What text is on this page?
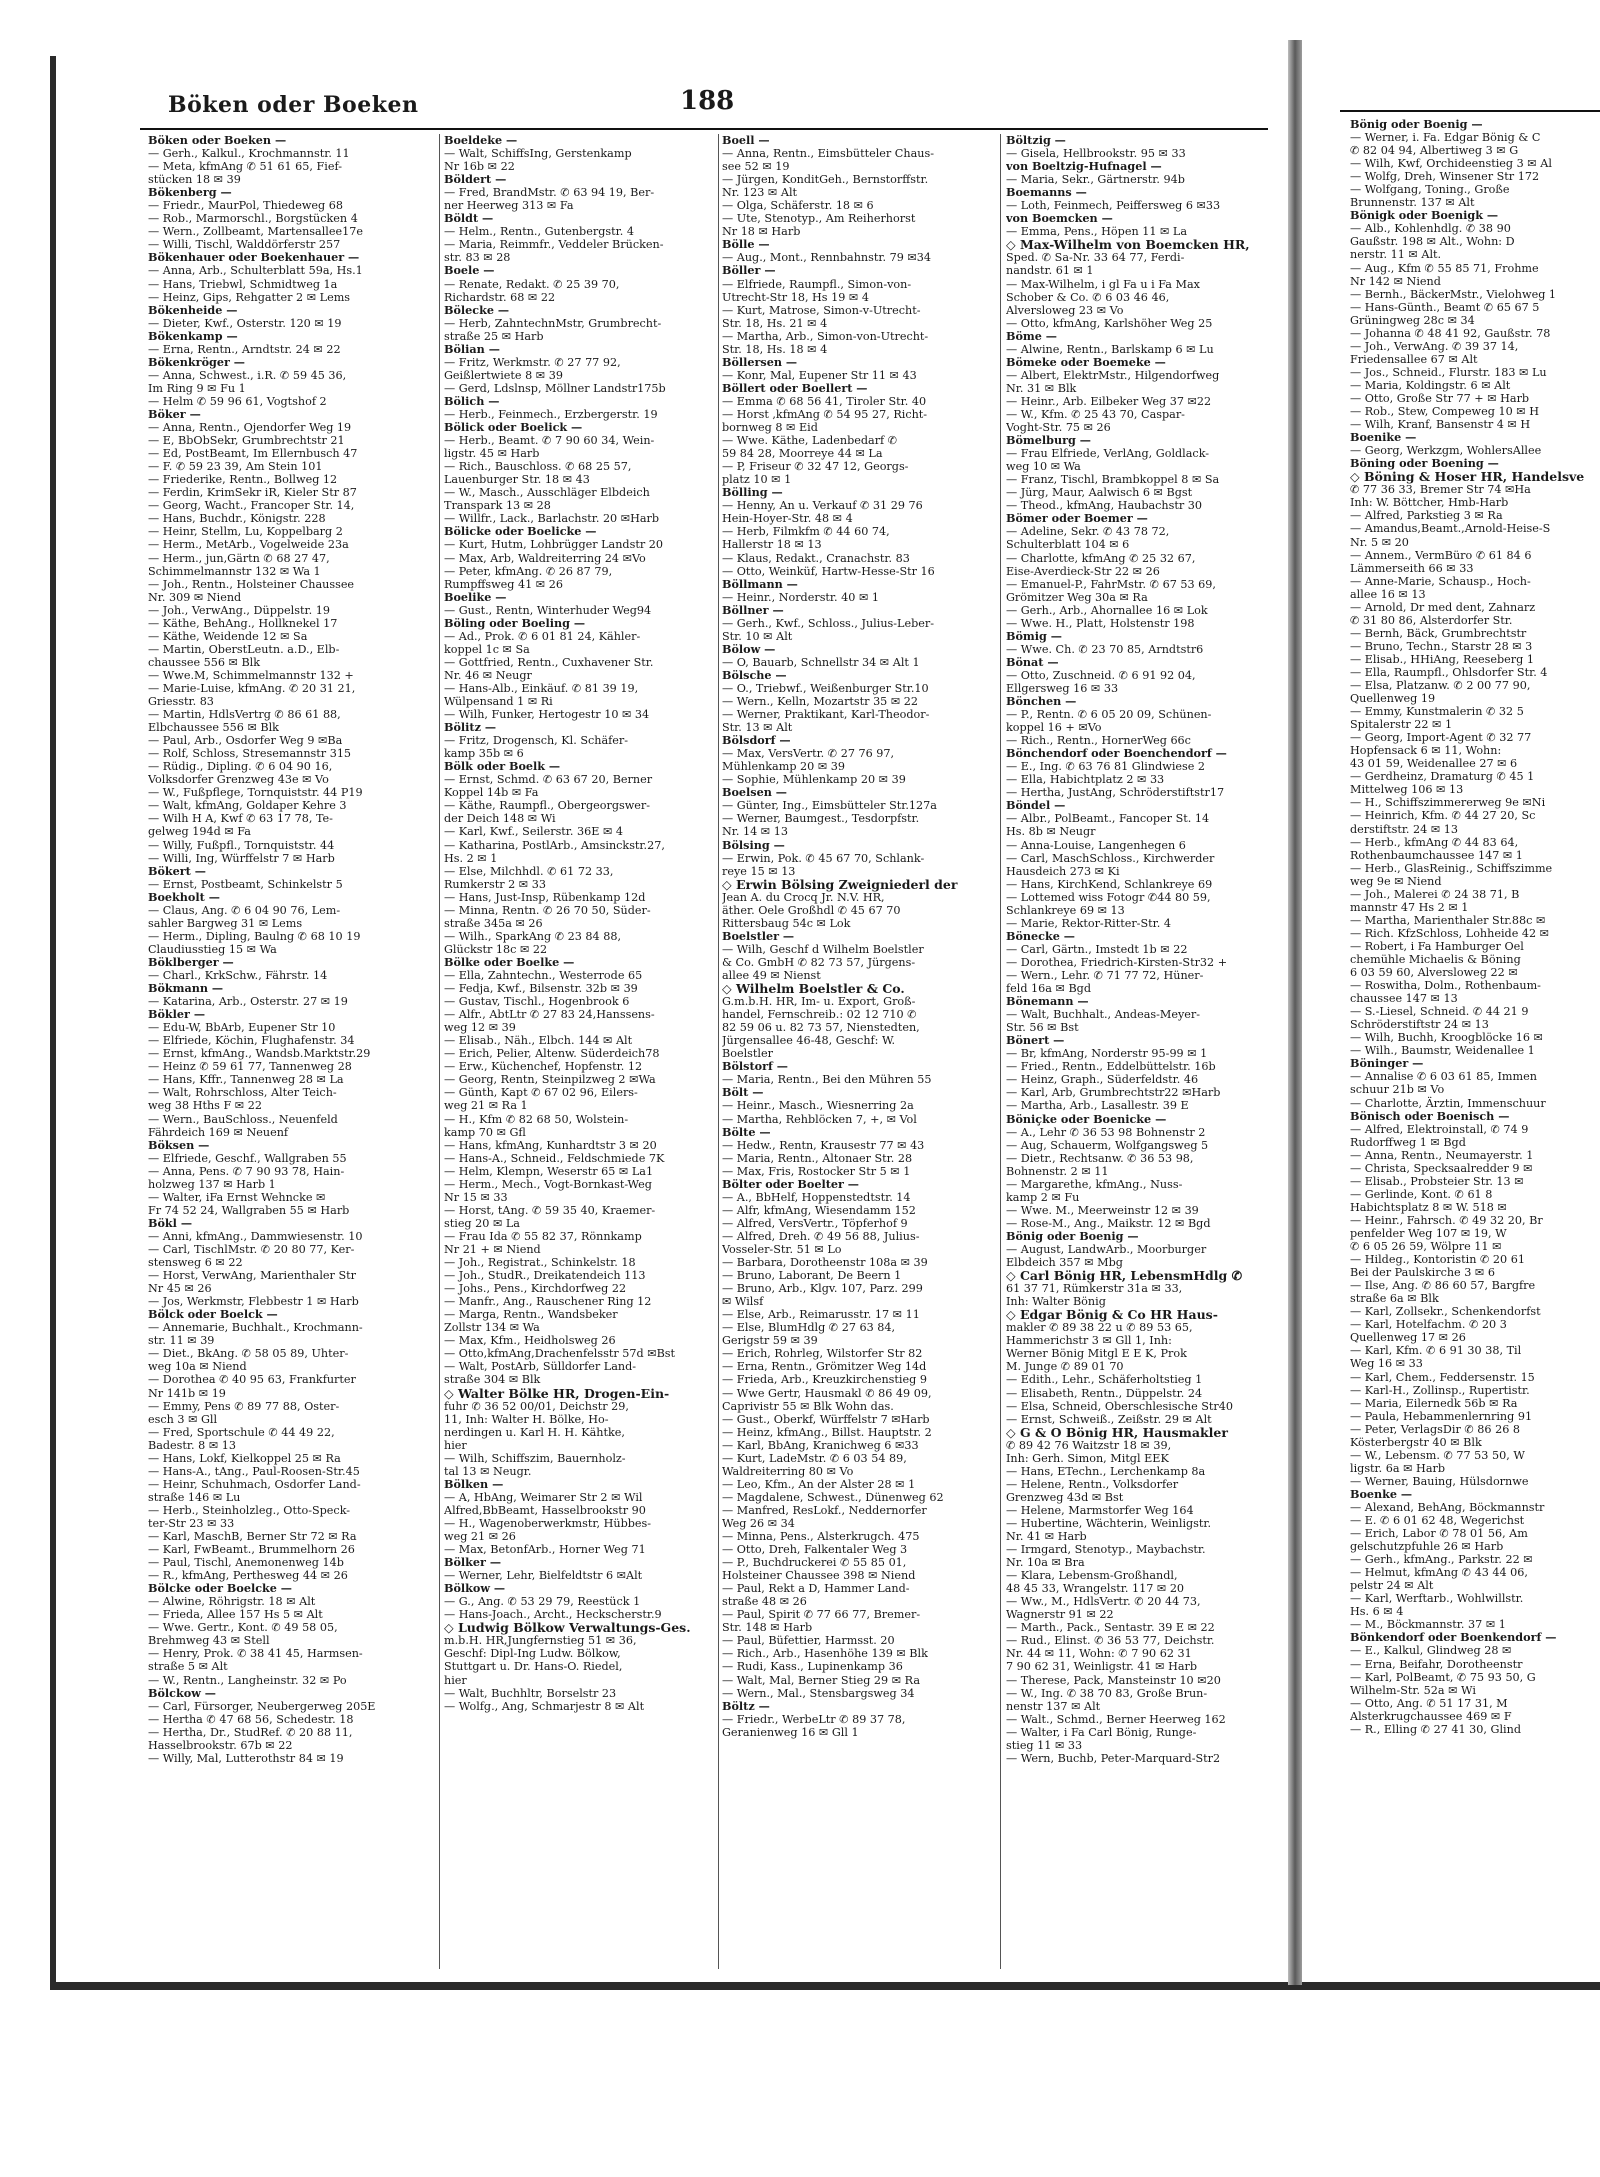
Böken oder Boeken	188
Böken oder Boeken —
— Gerh., Kalkul., Krochmannstr. 11
— Meta, kfmAng ✆ 51 61 65, Fief-
stücken 18 ✉ 39
Bökenberg —
— Friedr., MaurPol, Thiedeweg 68
— Rob., Marmorschl., Borgstücken 4
— Wern., Zollbeamt, Martensallee17e
— Willi, Tischl, Walddörferstr 257
Bökenhauer oder Boekenhauer —
— Anna, Arb., Schulterblatt 59a, Hs.1
— Hans, Triebwl, Schmidtweg 1a
— Heinz, Gips, Rehgatter 2 ✉ Lems
Bökenheide —
— Dieter, Kwf., Osterstr. 120 ✉ 19
Bökenkamp —
— Erna, Rentn., Arndtstr. 24 ✉ 22
Bökenkröger —
— Anna, Schwest., i.R. ✆ 59 45 36,
Im Ring 9 ✉ Fu 1
— Helm ✆ 59 96 61, Vogtshof 2
Böker —
— Anna, Rentn., Ojendorfer Weg 19
— E, BbObSekr, Grumbrechtstr 21
— Ed, PostBeamt, Im Ellernbusch 47
— F. ✆ 59 23 39, Am Stein 101
— Friederike, Rentn., Bollweg 12
— Ferdin, KrimSekr iR, Kieler Str 87
— Georg, Wacht., Francoper Str. 14,
— Hans, Buchdr., Königstr. 228
— Heinr, Stellm, Lu, Koppelbarg 2
— Herm., MetArb., Vogelweide 23a
— Herm., jun,Gärtn ✆ 68 27 47,
Schimmelmannstr 132 ✉ Wa 1
— Joh., Rentn., Holsteiner Chaussee
Nr. 309 ✉ Niend
— Joh., VerwAng., Düppelstr. 19
— Käthe, BehAng., Hollknekel 17
— Käthe, Weidende 12 ✉ Sa
— Martin, OberstLeutn. a.D., Elb-
chaussee 556 ✉ Blk
— Wwe.M, Schimmelmannstr 132 +
— Marie-Luise, kfmAng. ✆ 20 31 21,
Griesstr. 83
— Martin, HdlsVertrg ✆ 86 61 88,
Elbchaussee 556 ✉ Blk
— Paul, Arb., Osdorfer Weg 9 ✉Ba
— Rolf, Schloss, Stresemannstr 315
— Rüdig., Dipling. ✆ 6 04 90 16,
Volksdorfer Grenzweg 43e ✉ Vo
— W., Fußpflege, Tornquiststr. 44 P19
— Walt, kfmAng, Goldaper Kehre 3
— Wilh H A, Kwf ✆ 63 17 78, Te-
gelweg 194d ✉ Fa
— Willy, Fußpfl., Tornquiststr. 44
— Willi, Ing, Würffelstr 7 ✉ Harb
Bökert —
— Ernst, Postbeamt, Schinkelstr 5
Boekholt —
— Claus, Ang. ✆ 6 04 90 76, Lem-
sahler Bargweg 31 ✉ Lems
— Herm., Dipling, Baulng ✆ 68 10 19
Claudiusstieg 15 ✉ Wa
Böklberger —
— Charl., KrkSchw., Fährstr. 14
Bökmann —
— Katarina, Arb., Osterstr. 27 ✉ 19
Bökler —
— Edu-W, BbArb, Eupener Str 10
— Elfriede, Köchin, Flughafenstr. 34
— Ernst, kfmAng., Wandsb.Marktstr.29
— Heinz ✆ 59 61 77, Tannenweg 28
— Hans, Kffr., Tannenweg 28 ✉ La
— Walt, Rohrschloss, Alter Teich-
weg 38 Hths F ✉ 22
— Wern., BauSchloss., Neuenfeld
Fährdeich 169 ✉ Neuenf
Böksen —
— Elfriede, Geschf., Wallgraben 55
— Anna, Pens. ✆ 7 90 93 78, Hain-
holzweg 137 ✉ Harb 1
— Walter, iFa Ernst Wehncke ✉
Fr 74 52 24, Wallgraben 55 ✉ Harb
Bökl —
— Anni, kfmAng., Dammwiesenstr. 10
— Carl, TischlMstr. ✆ 20 80 77, Ker-
stensweg 6 ✉ 22
— Horst, VerwAng, Marienthaler Str
Nr 45 ✉ 26
— Jos, Werkmstr, Flebbestr 1 ✉ Harb
Bölck oder Boelck —
— Annemarie, Buchhalt., Krochmann-
str. 11 ✉ 39
— Diet., BkAng. ✆ 58 05 89, Uhter-
weg 10a ✉ Niend
— Dorothea ✆ 40 95 63, Frankfurter
Nr 141b ✉ 19
— Emmy, Pens ✆ 89 77 88, Oster-
esch 3 ✉ Gll
— Fred, Sportschule ✆ 44 49 22,
Badestr. 8 ✉ 13
— Hans, Lokf, Kielkoppel 25 ✉ Ra
— Hans-A., tAng., Paul-Roosen-Str.45
— Heinr, Schuhmach, Osdorfer Land-
straße 146 ✉ Lu
— Herb., Steinholzleg., Otto-Speck-
ter-Str 23 ✉ 33
— Karl, MaschB, Berner Str 72 ✉ Ra
— Karl, FwBeamt., Brummelhorn 26
— Paul, Tischl, Anemonenweg 14b
— R., kfmAng, Perthesweg 44 ✉ 26
Bölcke oder Boelcke —
— Alwine, Röhrigstr. 18 ✉ Alt
— Frieda, Allee 157 Hs 5 ✉ Alt
— Wwe. Gertr., Kont. ✆ 49 58 05,
Brehmweg 43 ✉ Stell
— Henry, Prok. ✆ 38 41 45, Harmsen-
straße 5 ✉ Alt
— W., Rentn., Langheinstr. 32 ✉ Po
Bölckow —
— Carl, Fürsorger, Neubergerweg 205E
— Hertha ✆ 47 68 56, Schedestr. 18
— Hertha, Dr., StudRef. ✆ 20 88 11,
Hasselbrookstr. 67b ✉ 22
— Willy, Mal, Lutterothstr 84 ✉ 19
Boeldeke —
— Walt, SchiffsIng, Gerstenkamp
Nr 16b ✉ 22
Böldert —
— Fred, BrandMstr. ✆ 63 94 19, Ber-
ner Heerweg 313 ✉ Fa
Böldt —
— Helm., Rentn., Gutenbergstr. 4
— Maria, Reimmfr., Veddeler Brücken-
str. 83 ✉ 28
Boele —
— Renate, Redakt. ✆ 25 39 70,
Richardstr. 68 ✉ 22
Bölecke —
— Herb, ZahntechnMstr, Grumbrecht-
straße 25 ✉ Harb
Bölian —
— Fritz, Werkmstr. ✆ 27 77 92,
Geißlertwiete 8 ✉ 39
— Gerd, Ldslnsp, Möllner Landstr175b
Bölich —
— Herb., Feinmech., Erzbergerstr. 19
Bölick oder Boelick —
— Herb., Beamt. ✆ 7 90 60 34, Wein-
ligstr. 45 ✉ Harb
— Rich., Bauschloss. ✆ 68 25 57,
Lauenburger Str. 18 ✉ 43
— W., Masch., Ausschläger Elbdeich
Transpark 13 ✉ 28
— Willfr., Lack., Barlachstr. 20 ✉Harb
Bölicke oder Boelicke —
— Kurt, Hutm, Lohbrügger Landstr 20
— Max, Arb, Waldreiterring 24 ✉Vo
— Peter, kfmAng. ✆ 26 87 79,
Rumpffsweg 41 ✉ 26
Boelike —
— Gust., Rentn, Winterhuder Weg94
Böling oder Boeling —
— Ad., Prok. ✆ 6 01 81 24, Kähler-
koppel 1c ✉ Sa
— Gottfried, Rentn., Cuxhavener Str.
Nr. 46 ✉ Neugr
— Hans-Alb., Einkäuf. ✆ 81 39 19,
Wülpensand 1 ✉ Ri
— Wilh, Funker, Hertogestr 10 ✉ 34
Bölitz —
— Fritz, Drogensch, Kl. Schäfer-
kamp 35b ✉ 6
Bölk oder Boelk —
— Ernst, Schmd. ✆ 63 67 20, Berner
Koppel 14b ✉ Fa
— Käthe, Raumpfl., Obergeorgswer-
der Deich 148 ✉ Wi
— Karl, Kwf., Seilerstr. 36E ✉ 4
— Katharina, PostlArb., Amsinckstr.27,
Hs. 2 ✉ 1
— Else, Milchhdl. ✆ 61 72 33,
Rumkerstr 2 ✉ 33
— Hans, Just-Insp, Rübenkamp 12d
— Minna, Rentn. ✆ 26 70 50, Süder-
straße 345a ✉ 26
— Wilh., SparkAng ✆ 23 84 88,
Glückstr 18c ✉ 22
Bölke oder Boelke —
— Ella, Zahntechn., Westerrode 65
— Fedja, Kwf., Bilsenstr. 32b ✉ 39
— Gustav, Tischl., Hogenbrook 6
— Alfr., AbtLtr ✆ 27 83 24,Hanssens-
weg 12 ✉ 39
— Elisab., Näh., Elbch. 144 ✉ Alt
— Erich, Pelier, Altenw. Süderdeich78
— Erw., Küchenchef, Hopfenstr. 12
— Georg, Rentn, Steinpilzweg 2 ✉Wa
— Günth, Kapt ✆ 67 02 96, Eilers-
weg 21 ✉ Ra 1
— H., Kfm ✆ 82 68 50, Wolstein-
kamp 70 ✉ Gfl
— Hans, kfmAng, Kunhardtstr 3 ✉ 20
— Hans-A., Schneid., Feldschmiede 7K
— Helm, Klempn, Weserstr 65 ✉ La1
— Herm., Mech., Vogt-Bornkast-Weg
Nr 15 ✉ 33
— Horst, tAng. ✆ 59 35 40, Kraemer-
stieg 20 ✉ La
— Frau Ida ✆ 55 82 37, Rönnkamp
Nr 21 + ✉ Niend
— Joh., Registrat., Schinkelstr. 18
— Joh., StudR., Dreikatendeich 113
— Johs., Pens., Kirchdorfweg 22
— Manfr., Ang., Rauschener Ring 12
— Marga, Rentn., Wandsbeker
Zollstr 134 ✉ Wa
— Max, Kfm., Heidholsweg 26
— Otto,kfmAng,Drachenfelsstr 57d ✉Bst
— Walt, PostArb, Sülldorfer Land-
straße 304 ✉ Blk
◇ Walter Bölke HR, Drogen-Ein-
fuhr ✆ 36 52 00/01, Deichstr 29,
11, Inh: Walter H. Bölke, Ho-
nerdingen u. Karl H. H. Kähtke,
hier
— Wilh, Schiffszim, Bauernholz-
tal 13 ✉ Neugr.
Bölken —
— A, HbAng, Weimarer Str 2 ✉ Wil
Alfred,BbBeamt, Hasselbrookstr 90
— H., Wagenoberwerkmstr, Hübbes-
weg 21 ✉ 26
— Max, BetonfArb., Horner Weg 71
Bölker —
— Werner, Lehr, Bielfeldtstr 6 ✉Alt
Bölkow —
— G., Ang. ✆ 53 29 79, Reestück 1
— Hans-Joach., Archt., Heckscherstr.9
◇ Ludwig Bölkow Verwaltungs-Ges.
m.b.H. HR,Jungfernstieg 51 ✉ 36,
Geschf: Dipl-Ing Ludw. Bölkow,
Stuttgart u. Dr. Hans-O. Riedel,
hier
— Walt, Buchhltr, Borselstr 23
— Wolfg., Ang, Schmarjestr 8 ✉ Alt
Boell —
— Anna, Rentn., Eimsbütteler Chaus-
see 52 ✉ 19
— Jürgen, KonditGeh., Bernstorffstr.
Nr. 123 ✉ Alt
— Olga, Schäferstr. 18 ✉ 6
— Ute, Stenotyp., Am Reiherhorst
Nr 18 ✉ Harb
Bölle —
— Aug., Mont., Rennbahnstr. 79 ✉34
Böller —
— Elfriede, Raumpfl., Simon-von-
Utrecht-Str 18, Hs 19 ✉ 4
— Kurt, Matrose, Simon-v-Utrecht-
Str. 18, Hs. 21 ✉ 4
— Martha, Arb., Simon-von-Utrecht-
Str. 18, Hs. 18 ✉ 4
Böllersen —
— Konr, Mal, Eupener Str 11 ✉ 43
Böllert oder Boellert —
— Emma ✆ 68 56 41, Tiroler Str. 40
— Horst ,kfmAng ✆ 54 95 27, Richt-
bornweg 8 ✉ Eid
— Wwe. Käthe, Ladenbedarf ✆
59 84 28, Moorreye 44 ✉ La
— P, Friseur ✆ 32 47 12, Georgs-
platz 10 ✉ 1
Bölling —
— Henny, An u. Verkauf ✆ 31 29 76
Hein-Hoyer-Str. 48 ✉ 4
— Herb, Filmkfm ✆ 44 60 74,
Hallerstr 18 ✉ 13
— Klaus, Redakt., Cranachstr. 83
— Otto, Weinküf, Hartw-Hesse-Str 16
Böllmann —
— Heinr., Norderstr. 40 ✉ 1
Böllner —
— Gerh., Kwf., Schloss., Julius-Leber-
Str. 10 ✉ Alt
Bölow —
— O, Bauarb, Schnellstr 34 ✉ Alt 1
Bölsche —
— O., Triebwf., Weißenburger Str.10
— Wern., Kelln, Mozartstr 35 ✉ 22
— Werner, Praktikant, Karl-Theodor-
Str. 13 ✉ Alt
Bölsdorf —
— Max, VersVertr. ✆ 27 76 97,
Mühlenkamp 20 ✉ 39
— Sophie, Mühlenkamp 20 ✉ 39
Boelsen —
— Günter, Ing., Eimsbütteler Str.127a
— Werner, Baumgest., Tesdorpfstr.
Nr. 14 ✉ 13
Bölsing —
— Erwin, Pok. ✆ 45 67 70, Schlank-
reye 15 ✉ 13
◇ Erwin Bölsing Zweigniederl der
Jean A. du Crocq Jr. N.V. HR,
äther. Oele Großhdl ✆ 45 67 70
Rittersbaug 54c ✉ Lok
Boelstler —
— Wilh, Geschf d Wilhelm Boelstler
& Co. GmbH ✆ 82 73 57, Jürgens-
allee 49 ✉ Nienst
◇ Wilhelm Boelstler & Co.
G.m.b.H. HR, Im- u. Export, Groß-
handel, Fernschreib.: 02 12 710 ✆
82 59 06 u. 82 73 57, Nienstedten,
Jürgensallee 46-48, Geschf: W.
Boelstler
Bölstorf —
— Maria, Rentn., Bei den Mühren 55
Bölt —
— Heinr., Masch., Wiesnerring 2a
— Martha, Rehblöcken 7, +, ✉ Vol
Bölte —
— Hedw., Rentn, Krausestr 77 ✉ 43
— Maria, Rentn., Altonaer Str. 28
— Max, Fris, Rostocker Str 5 ✉ 1
Bölter oder Boelter —
— A., BbHelf, Hoppenstedtstr. 14
— Alfr, kfmAng, Wiesendamm 152
— Alfred, VersVertr., Töpferhof 9
— Alfred, Dreh. ✆ 49 56 88, Julius-
Vosseler-Str. 51 ✉ Lo
— Barbara, Dorotheenstr 108a ✉ 39
— Bruno, Laborant, De Beern 1
— Bruno, Arb., Klgv. 107, Parz. 299
✉ Wilsf
— Else, Arb., Reimarusstr. 17 ✉ 11
— Else, BlumHdlg ✆ 27 63 84,
Gerigstr 59 ✉ 39
— Erich, Rohrleg, Wilstorfer Str 82
— Erna, Rentn., Grömitzer Weg 14d
— Frieda, Arb., Kreuzkirchenstieg 9
— Wwe Gertr, Hausmakl ✆ 86 49 09,
Caprivistr 55 ✉ Blk Wohn das.
— Gust., Oberkf, Würffelstr 7 ✉Harb
— Heinz, kfmAng., Billst. Hauptstr. 2
— Karl, BbAng, Kranichweg 6 ✉33
— Kurt, LadeMstr. ✆ 6 03 54 89,
Waldreiterring 80 ✉ Vo
— Leo, Kfm., An der Alster 28 ✉ 1
— Magdalene, Schwest., Dünenweg 62
— Manfred, ResLokf., Neddernorfer
Weg 26 ✉ 34
— Minna, Pens., Alsterkrugch. 475
— Otto, Dreh, Falkentaler Weg 3
— P., Buchdruckerei ✆ 55 85 01,
Holsteiner Chaussee 398 ✉ Niend
— Paul, Rekt a D, Hammer Land-
straße 48 ✉ 26
— Paul, Spirit ✆ 77 66 77, Bremer-
Str. 148 ✉ Harb
— Paul, Büfettier, Harmsst. 20
— Rich., Arb., Hasenhöhe 139 ✉ Blk
— Rudi, Kass., Lupinenkamp 36
— Walt, Mal, Berner Stieg 29 ✉ Ra
— Wern., Mal., Stensbargsweg 34
Böltz —
— Friedr., WerbeLtr ✆ 89 37 78,
Geranienweg 16 ✉ Gll 1
Böltzig —
— Gisela, Hellbrookstr. 95 ✉ 33
von Boeltzig-Hufnagel —
— Maria, Sekr., Gärtnerstr. 94b
Boemanns —
— Loth, Feinmech, Peiffersweg 6 ✉33
von Boemcken —
— Emma, Pens., Höpen 11 ✉ La
◇ Max-Wilhelm von Boemcken HR,
Sped. ✆ Sa-Nr. 33 64 77, Ferdi-
nandstr. 61 ✉ 1
— Max-Wilhelm, i gl Fa u i Fa Max
Schober & Co. ✆ 6 03 46 46,
Alversloweg 23 ✉ Vo
— Otto, kfmAng, Karlshöher Weg 25
Böme —
— Alwine, Rentn., Barlskamp 6 ✉ Lu
Bömeke oder Boemeke —
— Albert, ElektrMstr., Hilgendorfweg
Nr. 31 ✉ Blk
— Heinr., Arb. Eilbeker Weg 37 ✉22
— W., Kfm. ✆ 25 43 70, Caspar-
Voght-Str. 75 ✉ 26
Bömelburg —
— Frau Elfriede, VerlAng, Goldlack-
weg 10 ✉ Wa
— Franz, Tischl, Brambkoppel 8 ✉ Sa
— Jürg, Maur, Aalwisch 6 ✉ Bgst
— Theod., kfmAng, Haubachstr 30
Bömer oder Boemer —
— Adeline, Sekr. ✆ 43 78 72,
Schulterblatt 104 ✉ 6
— Charlotte, kfmAng ✆ 25 32 67,
Eise-Averdieck-Str 22 ✉ 26
— Emanuel-P., FahrMstr. ✆ 67 53 69,
Grömitzer Weg 30a ✉ Ra
— Gerh., Arb., Ahornallee 16 ✉ Lok
— Wwe. H., Platt, Holstenstr 198
Bömig —
— Wwe. Ch. ✆ 23 70 85, Arndtstr6
Bönat —
— Otto, Zuschneid. ✆ 6 91 92 04,
Ellgersweg 16 ✉ 33
Bönchen —
— P., Rentn. ✆ 6 05 20 09, Schünen-
koppel 16 + ✉Vo
— Rich., Rentn., HornerWeg 66c
Bönchendorf oder Boenchendorf —
— E., Ing. ✆ 63 76 81 Glindwiese 2
— Ella, Habichtplatz 2 ✉ 33
— Hertha, JustAng, Schröderstiftstr17
Böndel —
— Albr., PolBeamt., Fancoper St. 14
Hs. 8b ✉ Neugr
— Anna-Louise, Langenhegen 6
— Carl, MaschSchloss., Kirchwerder
Hausdeich 273 ✉ Ki
— Hans, KirchKend, Schlankreye 69
— Lottemed wiss Fotogr ✆44 80 59,
Schlankreye 69 ✉ 13
— Marie, Rektor-Ritter-Str. 4
Bönecke —
— Carl, Gärtn., Imstedt 1b ✉ 22
— Dorothea, Friedrich-Kirsten-Str32 +
— Wern., Lehr. ✆ 71 77 72, Hüner-
feld 16a ✉ Bgd
Bönemann —
— Walt, Buchhalt., Andeas-Meyer-
Str. 56 ✉ Bst
Bönert —
— Br, kfmAng, Norderstr 95-99 ✉ 1
— Fried., Rentn., Eddelbüttelstr. 16b
— Heinz, Graph., Süderfeldstr. 46
— Karl, Arb, Grumbrechtstr22 ✉Harb
— Martha, Arb., Lasallestr. 39 E
Böniçke oder Boenicke —
— A., Lehr ✆ 36 53 98 Bohnenstr 2
— Aug, Schauerm, Wolfgangsweg 5
— Dietr., Rechtsanw. ✆ 36 53 98,
Bohnenstr. 2 ✉ 11
— Margarethe, kfmAng., Nuss-
kamp 2 ✉ Fu
— Wwe. M., Meerweinstr 12 ✉ 39
— Rose-M., Ang., Maikstr. 12 ✉ Bgd
Bönig oder Boenig —
— August, LandwArb., Moorburger
Elbdeich 357 ✉ Mbg
◇ Carl Bönig HR, LebensmHdlg ✆
61 37 71, Rümkerstr 31a ✉ 33,
Inh: Walter Bönig
◇ Edgar Bönig & Co HR Haus-
makler ✆ 89 38 22 u ✆ 89 53 65,
Hammerichstr 3 ✉ Gll 1, Inh:
Werner Bönig Mitgl E E K, Prok
M. Junge ✆ 89 01 70
— Edith., Lehr., Schäferholtstieg 1
— Elisabeth, Rentn., Düppelstr. 24
— Elsa, Schneid, Oberschlesische Str40
— Ernst, Schweiß., Zeißstr. 29 ✉ Alt
◇ G & O Bönig HR, Hausmakler
✆ 89 42 76 Waitzstr 18 ✉ 39,
Inh: Gerh. Simon, Mitgl EEK
— Hans, ETechn., Lerchenkamp 8a
— Helene, Rentn., Volksdorfer
Grenzweg 43d ✉ Bst
— Helene, Marmstorfer Weg 164
— Hubertine, Wächterin, Weinligstr.
Nr. 41 ✉ Harb
— Irmgard, Stenotyp., Maybachstr.
Nr. 10a ✉ Bra
— Klara, Lebensm-Großhandl,
48 45 33, Wrangelstr. 117 ✉ 20
— Ww., M., HdlsVertr. ✆ 20 44 73,
Wagnerstr 91 ✉ 22
— Marth., Pack., Sentastr. 39 E ✉ 22
— Rud., Elinst. ✆ 36 53 77, Deichstr.
Nr. 44 ✉ 11, Wohn: ✆ 7 90 62 31
7 90 62 31, Weinligstr. 41 ✉ Harb
— Therese, Pack, Mansteinstr 10 ✉20
— W., Ing. ✆ 38 70 83, Große Brun-
nenstr 137 ✉ Alt
— Walt., Schmd., Berner Heerweg 162
— Walter, i Fa Carl Bönig, Runge-
stieg 11 ✉ 33
— Wern, Buchb, Peter-Marquard-Str2
Bönig oder Boenig —
— Werner, i. Fa. Edgar Bönig & C
✆ 82 04 94, Albertiweg 3 ✉ G
— Wilh, Kwf, Orchideenstieg 3 ✉ Al
— Wolfg, Dreh, Winsener Str 172
— Wolfgang, Toning., Große
Brunnenstr. 137 ✉ Alt
Bönigk oder Boenigk —
— Alb., Kohlenhdlg. ✆ 38 90
Gaußstr. 198 ✉ Alt., Wohn: D
nerstr. 11 ✉ Alt.
— Aug., Kfm ✆ 55 85 71, Frohme
Nr 142 ✉ Niend
— Bernh., BäckerMstr., Vielohweg 1
— Hans-Günth., Beamt ✆ 65 67 5
Grüningweg 28c ✉ 34
— Johanna ✆ 48 41 92, Gaußstr. 78
— Joh., VerwAng. ✆ 39 37 14,
Friedensallee 67 ✉ Alt
— Jos., Schneid., Flurstr. 183 ✉ Lu
— Maria, Koldingstr. 6 ✉ Alt
— Otto, Große Str 77 + ✉ Harb
— Rob., Stew, Compeweg 10 ✉ H
— Wilh, Kranf, Bansenstr 4 ✉ H
Boenike —
— Georg, Werkzgm, WohlersAllee
Böning oder Boening —
◇ Böning & Hoser HR, Handelsve
✆ 77 36 33, Bremer Str 74 ✉Ha
Inh: W. Böttcher, Hmb-Harb
— Alfred, Parkstieg 3 ✉ Ra
— Amandus,Beamt.,Arnold-Heise-S
Nr. 5 ✉ 20
— Annem., VermBüro ✆ 61 84 6
Lämmerseith 66 ✉ 33
— Anne-Marie, Schausp., Hoch-
allee 16 ✉ 13
— Arnold, Dr med dent, Zahnarz
✆ 31 80 86, Alsterdorfer Str.
— Bernh, Bäck, Grumbrechtstr
— Bruno, Techn., Starstr 28 ✉ 3
— Elisab., HHiAng, Reeseberg 1
— Ella, Raumpfl., Ohlsdorfer Str. 4
— Elsa, Platzanw. ✆ 2 00 77 90,
Quellenweg 19
— Emmy, Kunstmalerin ✆ 32 5
Spitalerstr 22 ✉ 1
— Georg, Import-Agent ✆ 32 77
Hopfensack 6 ✉ 11, Wohn:
43 01 59, Weidenallee 27 ✉ 6
— Gerdheinz, Dramaturg ✆ 45 1
Mittelweg 106 ✉ 13
— H., Schiffszimmererweg 9e ✉Ni
— Heinrich, Kfm. ✆ 44 27 20, Sc
derstiftstr. 24 ✉ 13
— Herb., kfmAng ✆ 44 83 64,
Rothenbaumchaussee 147 ✉ 1
— Herb., GlasReinig., Schiffszimme
weg 9e ✉ Niend
— Joh., Malerei ✆ 24 38 71, B
mannstr 47 Hs 2 ✉ 1
— Martha, Marienthaler Str.88c ✉
— Rich. KfzSchloss, Lohheide 42 ✉
— Robert, i Fa Hamburger Oel
chemühle Michaelis & Böning
6 03 59 60, Alversloweg 22 ✉
— Roswitha, Dolm., Rothenbaum-
chaussee 147 ✉ 13
— S.-Liesel, Schneid. ✆ 44 21 9
Schröderstiftstr 24 ✉ 13
— Wilh, Buchh, Kroogblöcke 16 ✉
— Wilh., Baumstr, Weidenallee 1
Böninger —
— Annalise ✆ 6 03 61 85, Immen
schuur 21b ✉ Vo
— Charlotte, Ärztin, Immenschuur
Bönisch oder Boenisch —
— Alfred, Elektroinstall, ✆ 74 9
Rudorffweg 1 ✉ Bgd
— Anna, Rentn., Neumayerstr. 1
— Christa, Specksaalredder 9 ✉
— Elisab., Probsteier Str. 13 ✉
— Gerlinde, Kont. ✆ 61 8
Habichtsplatz 8 ✉ W. 518 ✉
— Heinr., Fahrsch. ✆ 49 32 20, Br
penfelder Weg 107 ✉ 19, W
✆ 6 05 26 59, Wölpre 11 ✉
— Hildeg., Kontoristin ✆ 20 61
Bei der Paulskirche 3 ✉ 6
— Ilse, Ang. ✆ 86 60 57, Bargfre
straße 6a ✉ Blk
— Karl, Zollsekr., Schenkendorfst
— Karl, Hotelfachm. ✆ 20 3
Quellenweg 17 ✉ 26
— Karl, Kfm. ✆ 6 91 30 38, Til
Weg 16 ✉ 33
— Karl, Chem., Feddersenstr. 15
— Karl-H., Zollinsp., Rupertistr.
— Maria, Eilernedk 56b ✉ Ra
— Paula, Hebammenlernring 91
— Peter, VerlagsDir ✆ 86 26 8
Kösterbergstr 40 ✉ Blk
— W., Lebensm. ✆ 77 53 50, W
ligstr. 6a ✉ Harb
— Werner, Bauing, Hülsdornwe
Boenke —
— Alexand, BehAng, Böckmannstr
— E. ✆ 6 01 62 48, Wegerichst
— Erich, Labor ✆ 78 01 56, Am
gelschutzpfuhle 26 ✉ Harb
— Gerh., kfmAng., Parkstr. 22 ✉
— Helmut, kfmAng ✆ 43 44 06,
pelstr 24 ✉ Alt
— Karl, Werftarb., Wohlwillstr.
Hs. 6 ✉ 4
— M., Böckmannstr. 37 ✉ 1
Bönkendorf oder Boenkendorf —
— E., Kalkul, Glindweg 28 ✉
— Erna, Beifahr, Dorotheenstr
— Karl, PolBeamt, ✆ 75 93 50, G
Wilhelm-Str. 52a ✉ Wi
— Otto, Ang. ✆ 51 17 31, M
Alsterkrugchaussee 469 ✉ F
— R., Elling ✆ 27 41 30, Glind
